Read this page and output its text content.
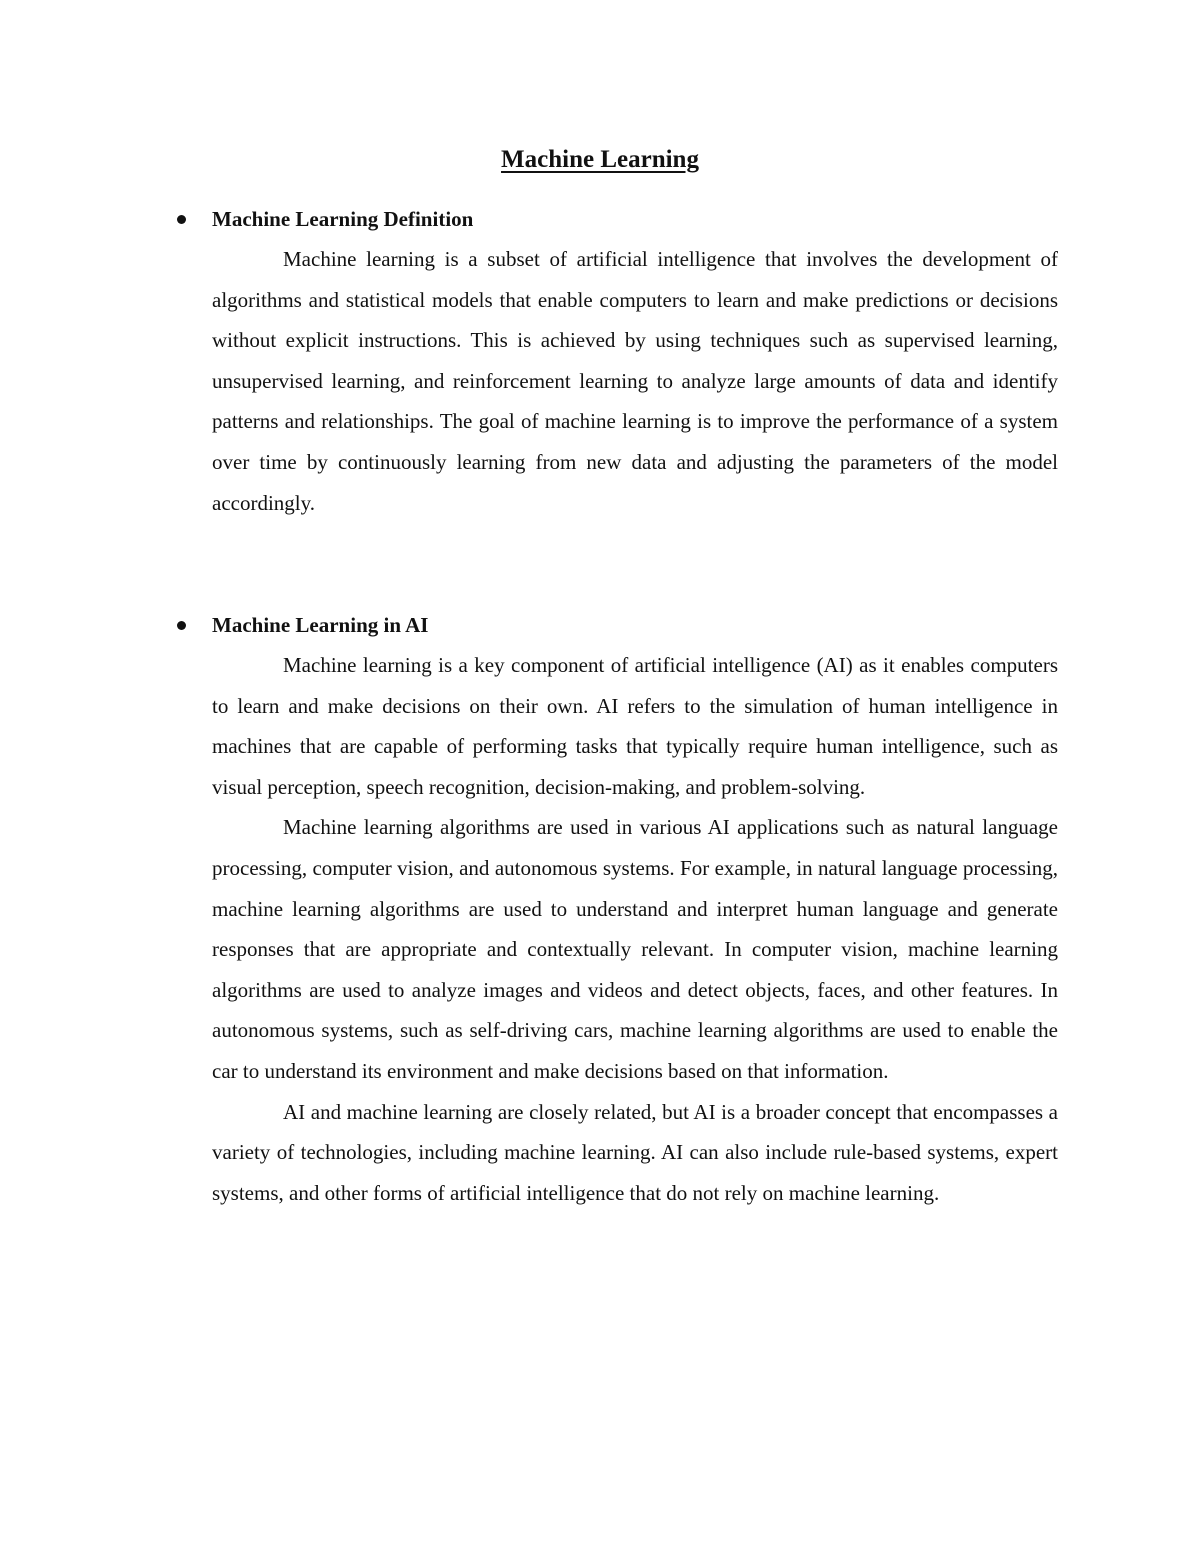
Machine Learning
Machine Learning Definition

Machine learning is a subset of artificial intelligence that involves the development of algorithms and statistical models that enable computers to learn and make predictions or decisions without explicit instructions. This is achieved by using techniques such as supervised learning, unsupervised learning, and reinforcement learning to analyze large amounts of data and identify patterns and relationships. The goal of machine learning is to improve the performance of a system over time by continuously learning from new data and adjusting the parameters of the model accordingly.

Machine Learning in AI

Machine learning is a key component of artificial intelligence (AI) as it enables computers to learn and make decisions on their own. AI refers to the simulation of human intelligence in machines that are capable of performing tasks that typically require human intelligence, such as visual perception, speech recognition, decision-making, and problem-solving.

Machine learning algorithms are used in various AI applications such as natural language processing, computer vision, and autonomous systems. For example, in natural language processing, machine learning algorithms are used to understand and interpret human language and generate responses that are appropriate and contextually relevant. In computer vision, machine learning algorithms are used to analyze images and videos and detect objects, faces, and other features. In autonomous systems, such as self-driving cars, machine learning algorithms are used to enable the car to understand its environment and make decisions based on that information.

AI and machine learning are closely related, but AI is a broader concept that encompasses a variety of technologies, including machine learning. AI can also include rule-based systems, expert systems, and other forms of artificial intelligence that do not rely on machine learning.
